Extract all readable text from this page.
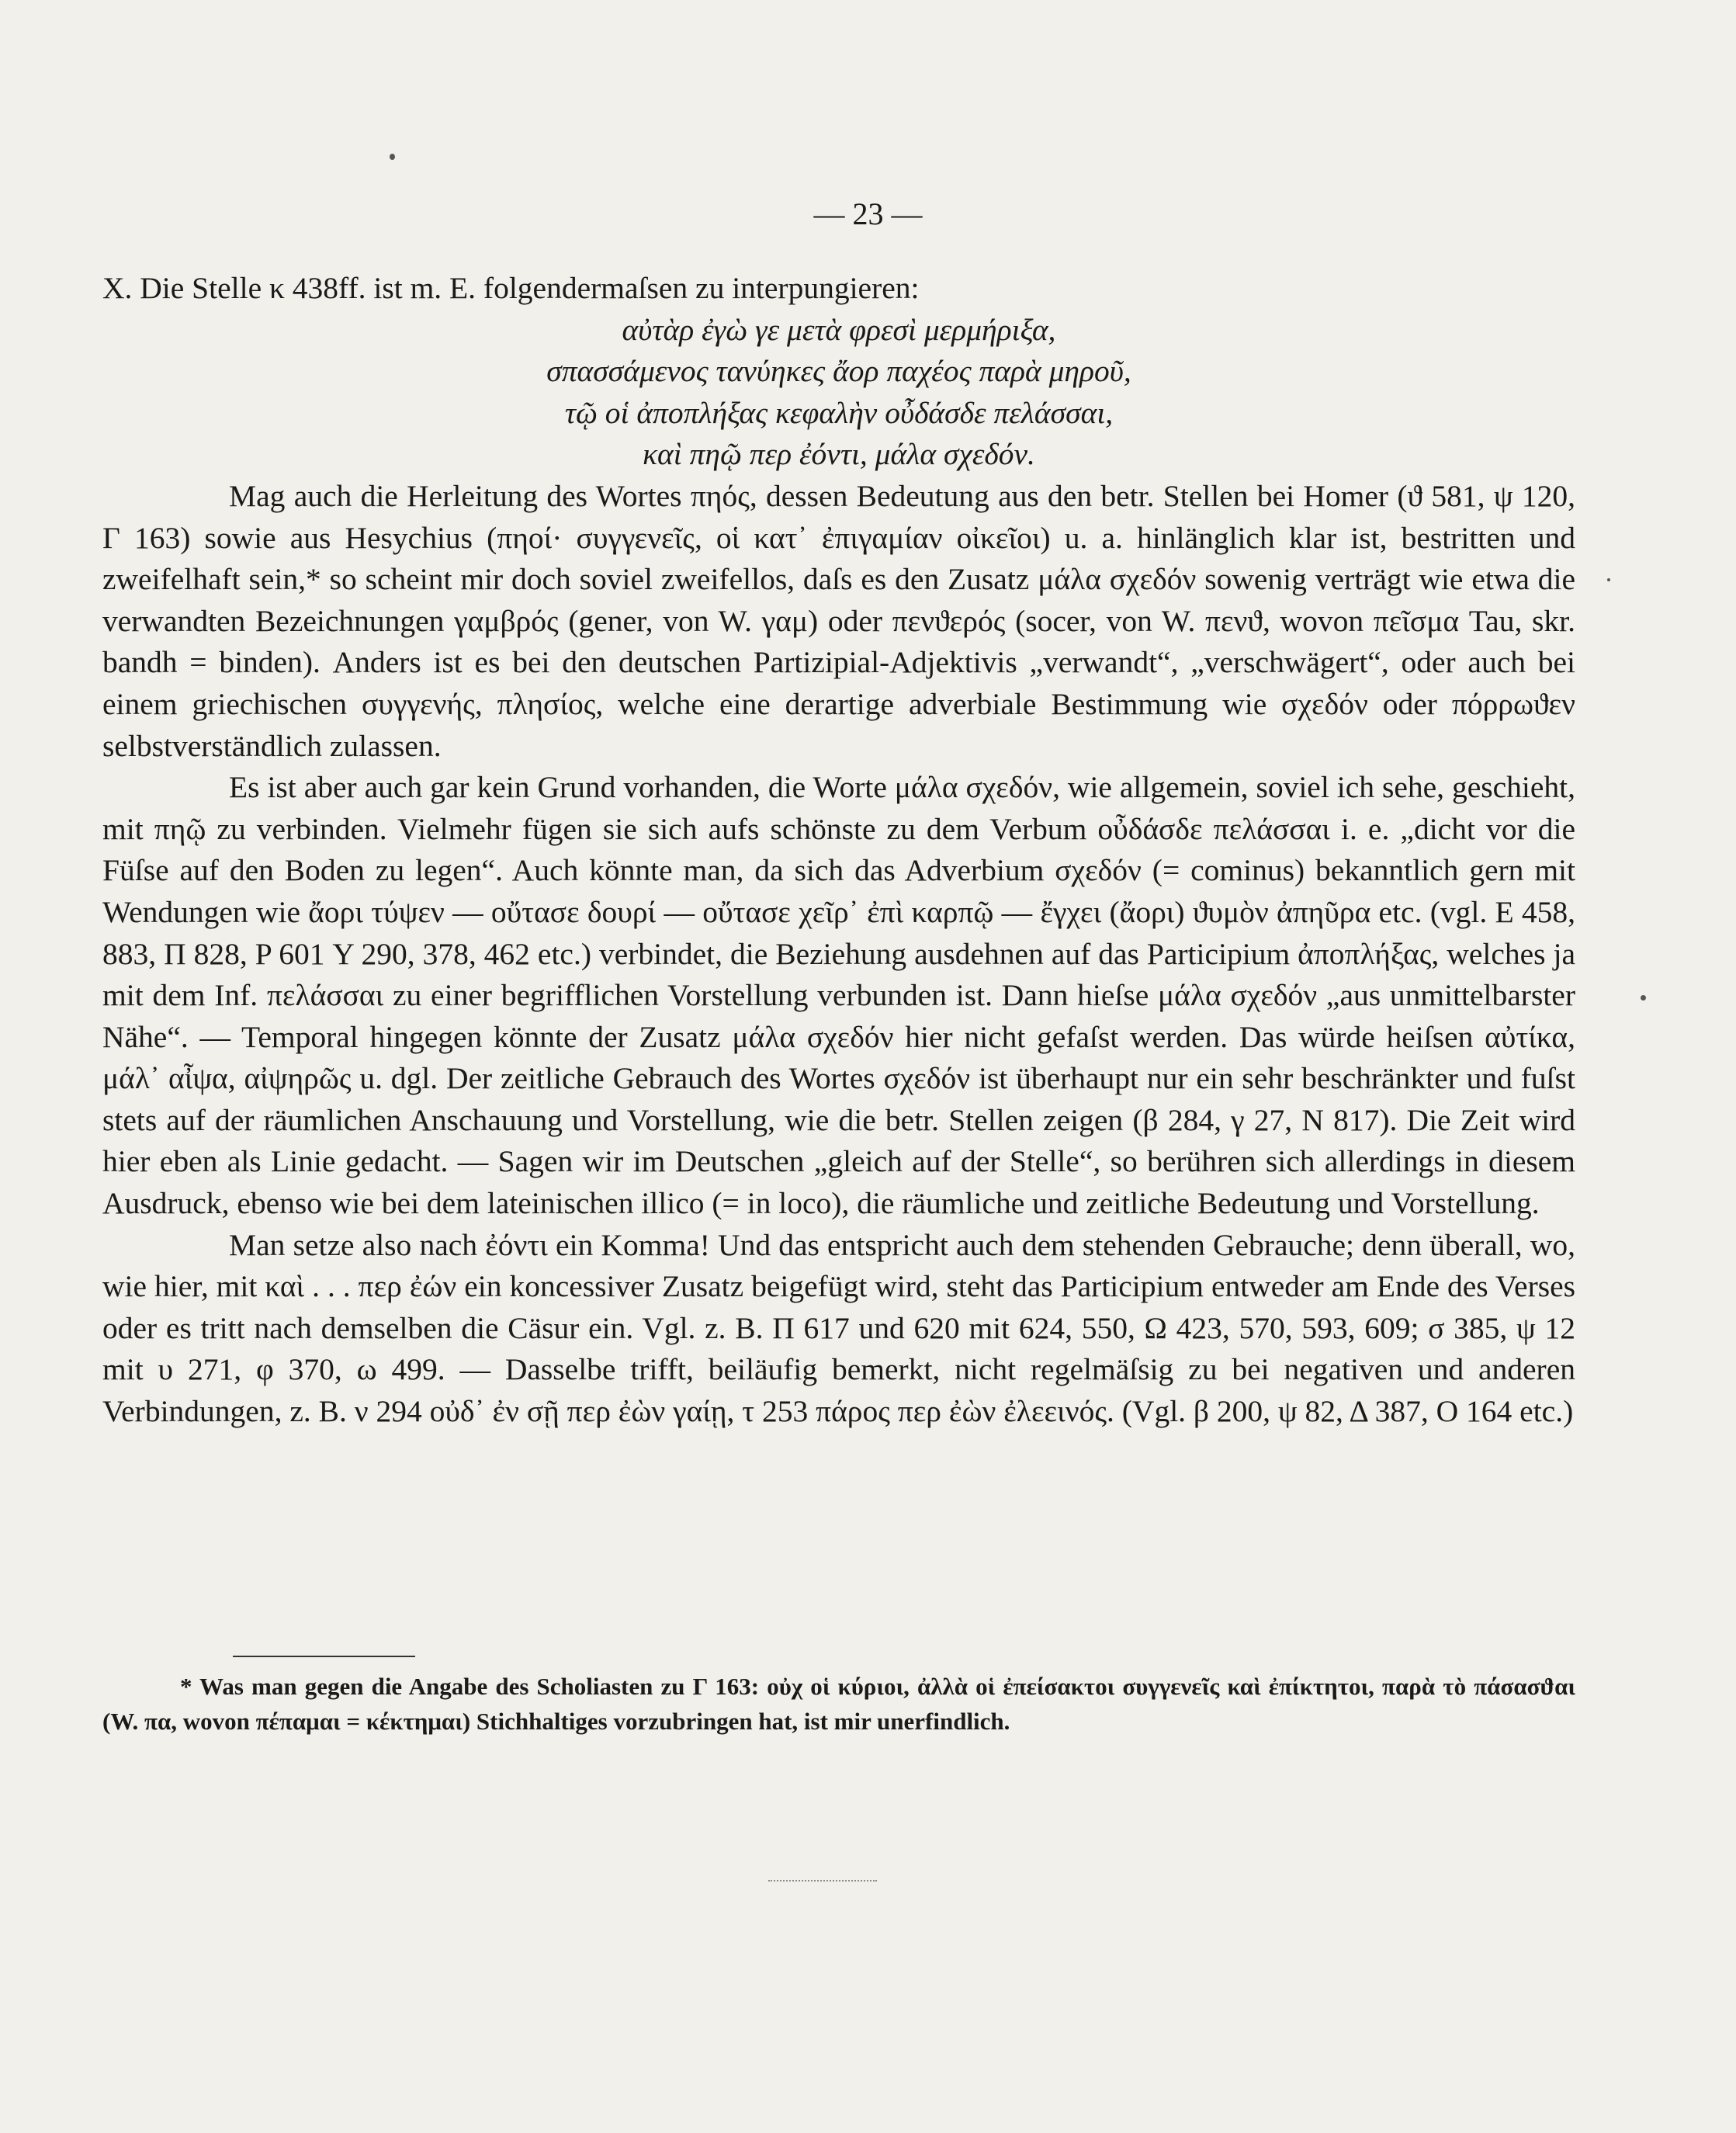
— 23 —

X. Die Stelle κ 438ff. ist m. E. folgendermaſsen zu interpungieren:

αὐτὰρ ἐγὼ γε μετὰ φρεσὶ μερμήριξα,
σπασσάμενος τανύηκες ἄορ παχέος παρὰ μηροῦ,
τῷ οἱ ἀποπλήξας κεφαλὴν οὖδάσδε πελάσσαι,
καὶ πηῷ περ ἐόντι, μάλα σχεδόν.

Mag auch die Herleitung des Wortes πηός, dessen Bedeutung aus den betr. Stellen bei Homer (ϑ 581, ψ 120, Γ 163) sowie aus Hesychius (πηοί· συγγενεῖς, οἱ κατ᾿ ἐπιγαμίαν οἰκεῖοι) u. a. hinlänglich klar ist, bestritten und zweifelhaft sein,* so scheint mir doch soviel zweifellos, daſs es den Zusatz μάλα σχεδόν sowenig verträgt wie etwa die verwandten Bezeichnungen γαμβρός (gener, von W. γαμ) oder πενϑερός (socer, von W. πενϑ, wovon πεῖσμα Tau, skr. bandh = binden). Anders ist es bei den deutschen Partizipial-Adjektivis „verwandt“, „verschwägert“, oder auch bei einem griechischen συγγενής, πλησίος, welche eine derartige adverbiale Bestimmung wie σχεδόν oder πόρρωϑεν selbstverständlich zulassen.

Es ist aber auch gar kein Grund vorhanden, die Worte μάλα σχεδόν, wie allgemein, soviel ich sehe, geschieht, mit πηῷ zu verbinden. Vielmehr fügen sie sich aufs schönste zu dem Verbum οὖδάσδε πελάσσαι i. e. „dicht vor die Füſse auf den Boden zu legen“. Auch könnte man, da sich das Adverbium σχεδόν (= cominus) bekanntlich gern mit Wendungen wie ἄορι τύψεν — οὔτασε δουρί — οὔτασε χεῖρ᾿ ἐπὶ καρπῷ — ἔγχει (ἄορι) ϑυμὸν ἀπηῦρα etc. (vgl. E 458, 883, Π 828, P 601 Υ 290, 378, 462 etc.) verbindet, die Beziehung ausdehnen auf das Participium ἀποπλήξας, welches ja mit dem Inf. πελάσσαι zu einer begrifflichen Vorstellung verbunden ist. Dann hieſse μάλα σχεδόν „aus unmittelbarster Nähe“. — Temporal hingegen könnte der Zusatz μάλα σχεδόν hier nicht gefaſst werden. Das würde heiſsen αὐτίκα, μάλ᾿ αἶψα, αἰψηρῶς u. dgl. Der zeitliche Gebrauch des Wortes σχεδόν ist überhaupt nur ein sehr beschränkter und fuſst stets auf der räumlichen Anschauung und Vorstellung, wie die betr. Stellen zeigen (β 284, γ 27, N 817). Die Zeit wird hier eben als Linie gedacht. — Sagen wir im Deutschen „gleich auf der Stelle“, so berühren sich allerdings in diesem Ausdruck, ebenso wie bei dem lateinischen illico (= in loco), die räumliche und zeitliche Bedeutung und Vorstellung.

Man setze also nach ἐόντι ein Komma! Und das entspricht auch dem stehenden Gebrauche; denn überall, wo, wie hier, mit καὶ . . . περ ἐών ein koncessiver Zusatz beigefügt wird, steht das Participium entweder am Ende des Verses oder es tritt nach demselben die Cäsur ein. Vgl. z. B. Π 617 und 620 mit 624, 550, Ω 423, 570, 593, 609; σ 385, ψ 12 mit υ 271, φ 370, ω 499. — Dasselbe trifft, beiläufig bemerkt, nicht regelmäſsig zu bei negativen und anderen Verbindungen, z. B. ν 294 οὐδ᾿ ἐν σῇ περ ἐὼν γαίῃ, τ 253 πάρος περ ἐὼν ἐλεεινός. (Vgl. β 200, ψ 82, Δ 387, O 164 etc.)

* Was man gegen die Angabe des Scholiasten zu Γ 163: οὐχ οἱ κύριοι, ἀλλὰ οἱ ἐπείσακτοι συγγενεῖς καὶ ἐπίκτητοι, παρὰ τὸ πάσασϑαι (W. πα, wovon πέπαμαι = κέκτημαι) Stichhaltiges vorzubringen hat, ist mir unerfindlich.
